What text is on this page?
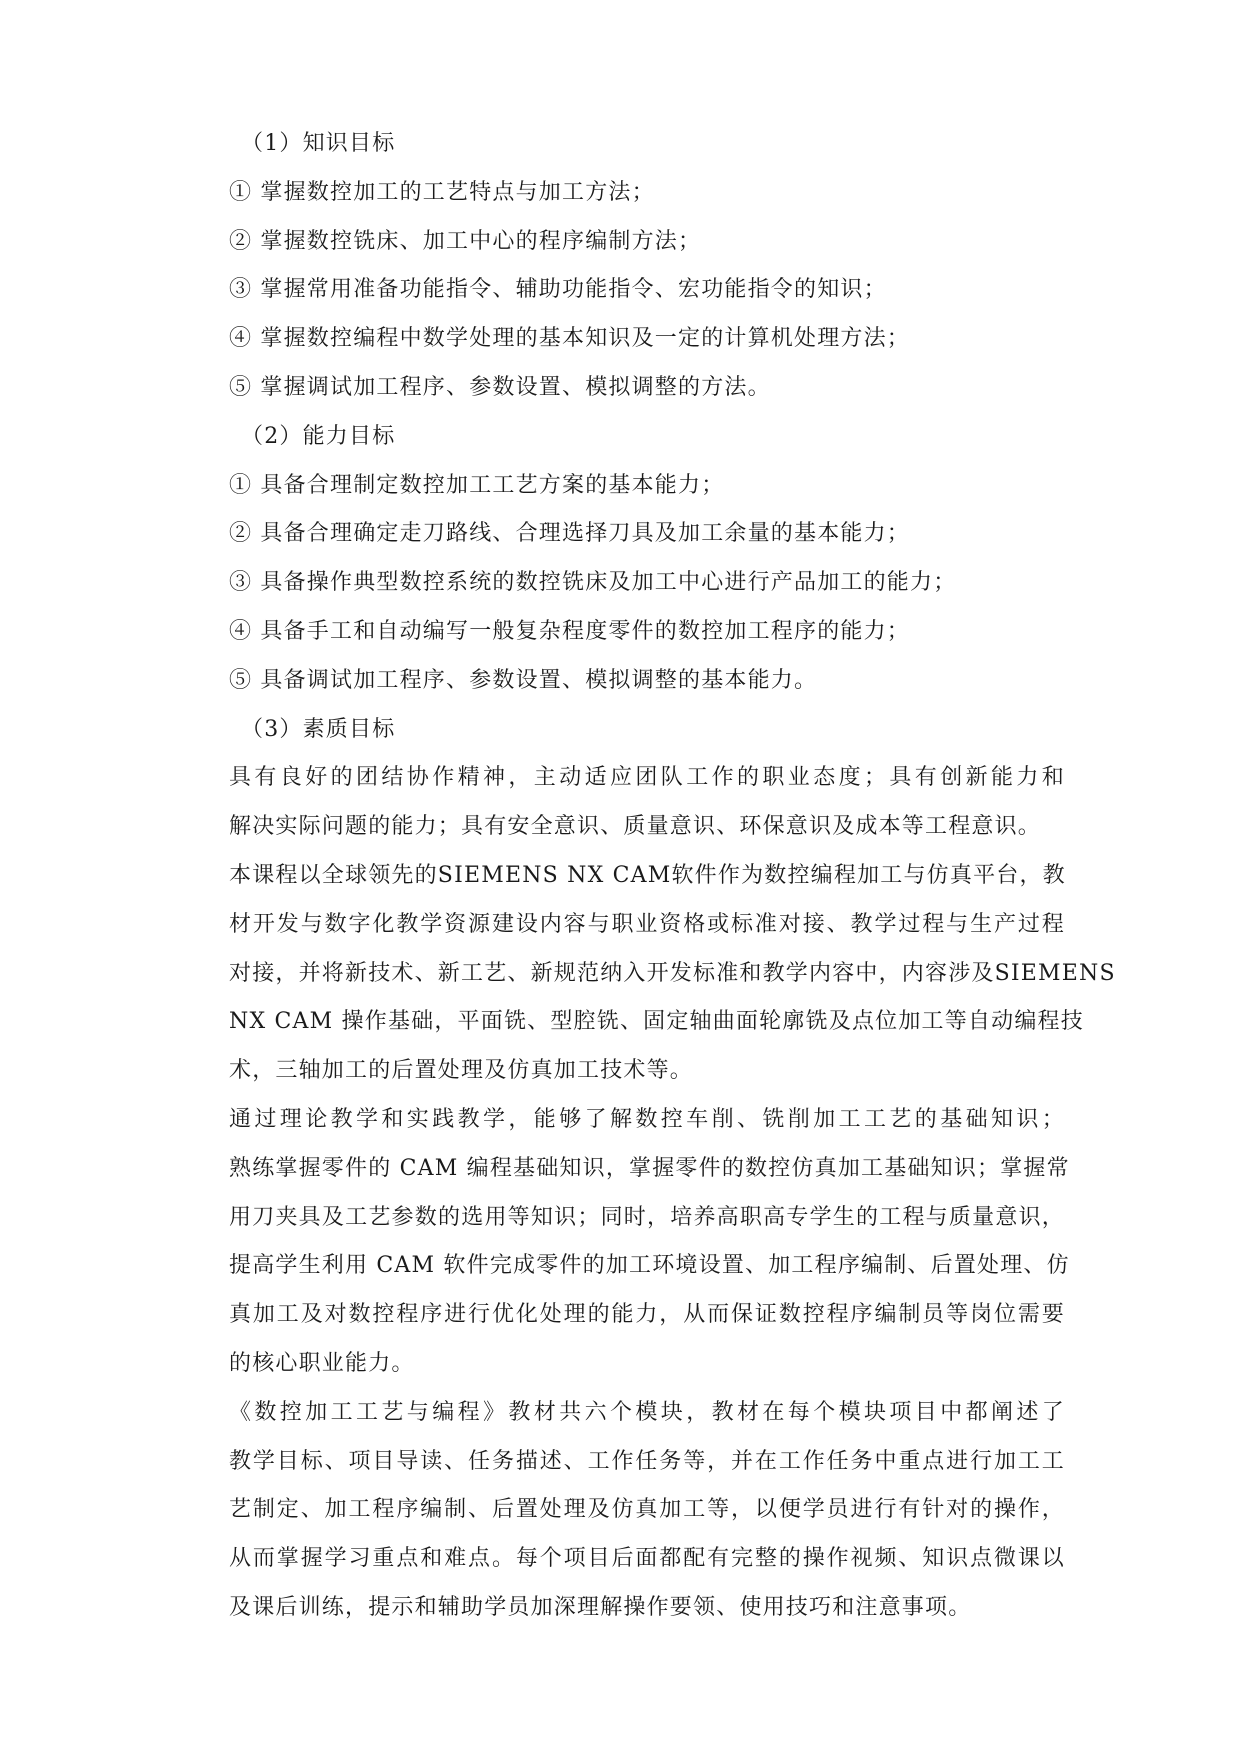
（1）知识目标

① 掌握数控加工的工艺特点与加工方法；

② 掌握数控铣床、加工中心的程序编制方法；

③ 掌握常用准备功能指令、辅助功能指令、宏功能指令的知识；

④ 掌握数控编程中数学处理的基本知识及一定的计算机处理方法；

⑤ 掌握调试加工程序、参数设置、模拟调整的方法。

（2）能力目标

① 具备合理制定数控加工工艺方案的基本能力；

② 具备合理确定走刀路线、合理选择刀具及加工余量的基本能力；

③ 具备操作典型数控系统的数控铣床及加工中心进行产品加工的能力；

④ 具备手工和自动编写一般复杂程度零件的数控加工程序的能力；

⑤ 具备调试加工程序、参数设置、模拟调整的基本能力。

（3）素质目标

具有良好的团结协作精神，主动适应团队工作的职业态度；具有创新能力和
解决实际问题的能力；具有安全意识、质量意识、环保意识及成本等工程意识。
本课程以全球领先的SIEMENS NX CAM软件作为数控编程加工与仿真平台，教
材开发与数字化教学资源建设内容与职业资格或标准对接、教学过程与生产过程
对接，并将新技术、新工艺、新规范纳入开发标准和教学内容中，内容涉及SIEMENS
NX CAM 操作基础，平面铣、型腔铣、固定轴曲面轮廓铣及点位加工等自动编程技
术，三轴加工的后置处理及仿真加工技术等。
通过理论教学和实践教学，能够了解数控车削、铣削加工工艺的基础知识；
熟练掌握零件的 CAM 编程基础知识，掌握零件的数控仿真加工基础知识；掌握常
用刀夹具及工艺参数的选用等知识；同时，培养高职高专学生的工程与质量意识，
提高学生利用 CAM 软件完成零件的加工环境设置、加工程序编制、后置处理、仿
真加工及对数控程序进行优化处理的能力，从而保证数控程序编制员等岗位需要
的核心职业能力。
《数控加工工艺与编程》教材共六个模块，教材在每个模块项目中都阐述了
教学目标、项目导读、任务描述、工作任务等，并在工作任务中重点进行加工工
艺制定、加工程序编制、后置处理及仿真加工等，以便学员进行有针对的操作，
从而掌握学习重点和难点。每个项目后面都配有完整的操作视频、知识点微课以
及课后训练，提示和辅助学员加深理解操作要领、使用技巧和注意事项。
